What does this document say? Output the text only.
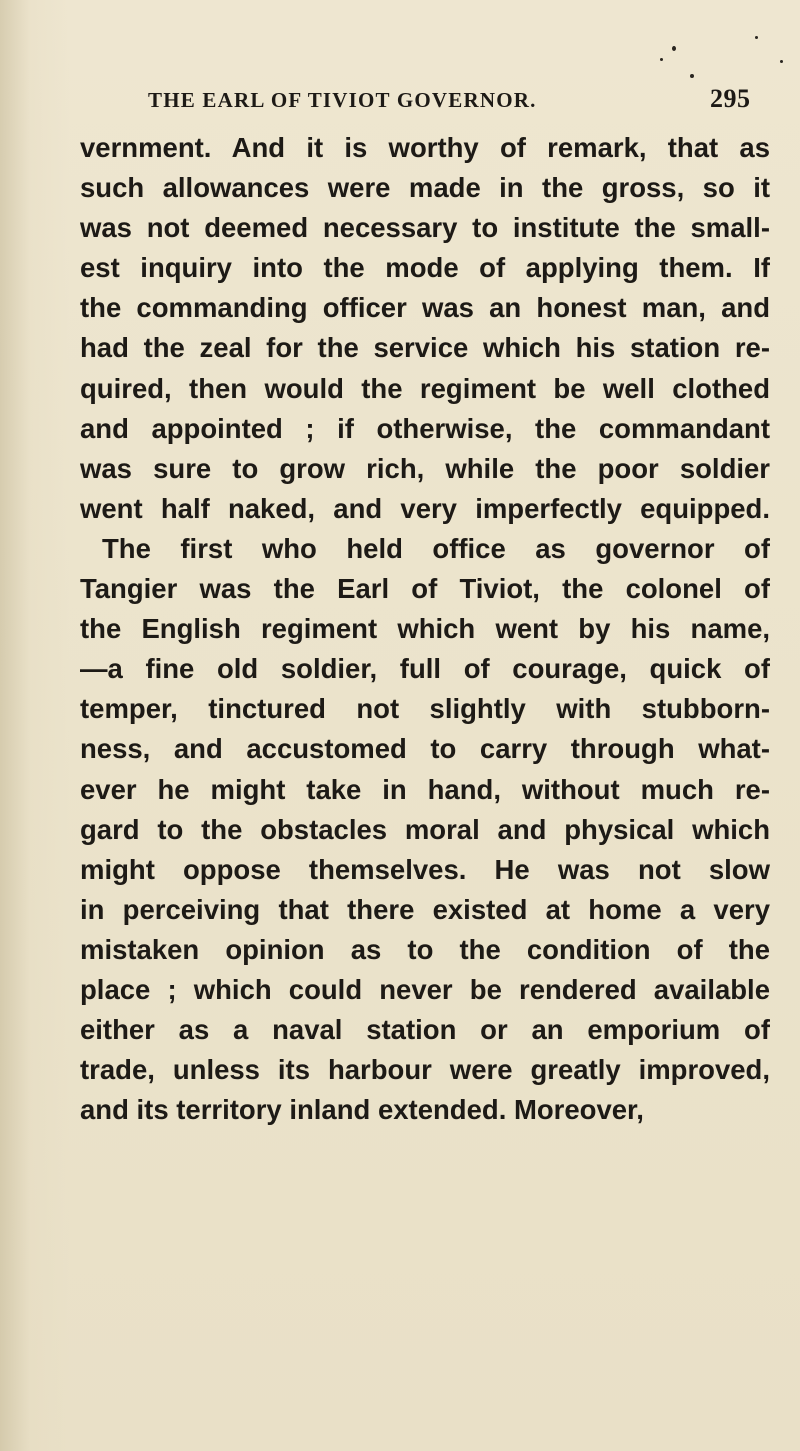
THE EARL OF TIVIOT GOVERNOR.	295
vernment. And it is worthy of remark, that as
such allowances were made in the gross, so it
was not deemed necessary to institute the small-
est inquiry into the mode of applying them. If
the commanding officer was an honest man, and
had the zeal for the service which his station re-
quired, then would the regiment be well clothed
and appointed ; if otherwise, the commandant
was sure to grow rich, while the poor soldier
went half naked, and very imperfectly equipped.
The first who held office as governor of
Tangier was the Earl of Tiviot, the colonel of
the English regiment which went by his name,
—a fine old soldier, full of courage, quick of
temper, tinctured not slightly with stubborn-
ness, and accustomed to carry through what-
ever he might take in hand, without much re-
gard to the obstacles moral and physical which
might oppose themselves. He was not slow
in perceiving that there existed at home a very
mistaken opinion as to the condition of the
place ; which could never be rendered available
either as a naval station or an emporium of
trade, unless its harbour were greatly improved,
and its territory inland extended. Moreover,
